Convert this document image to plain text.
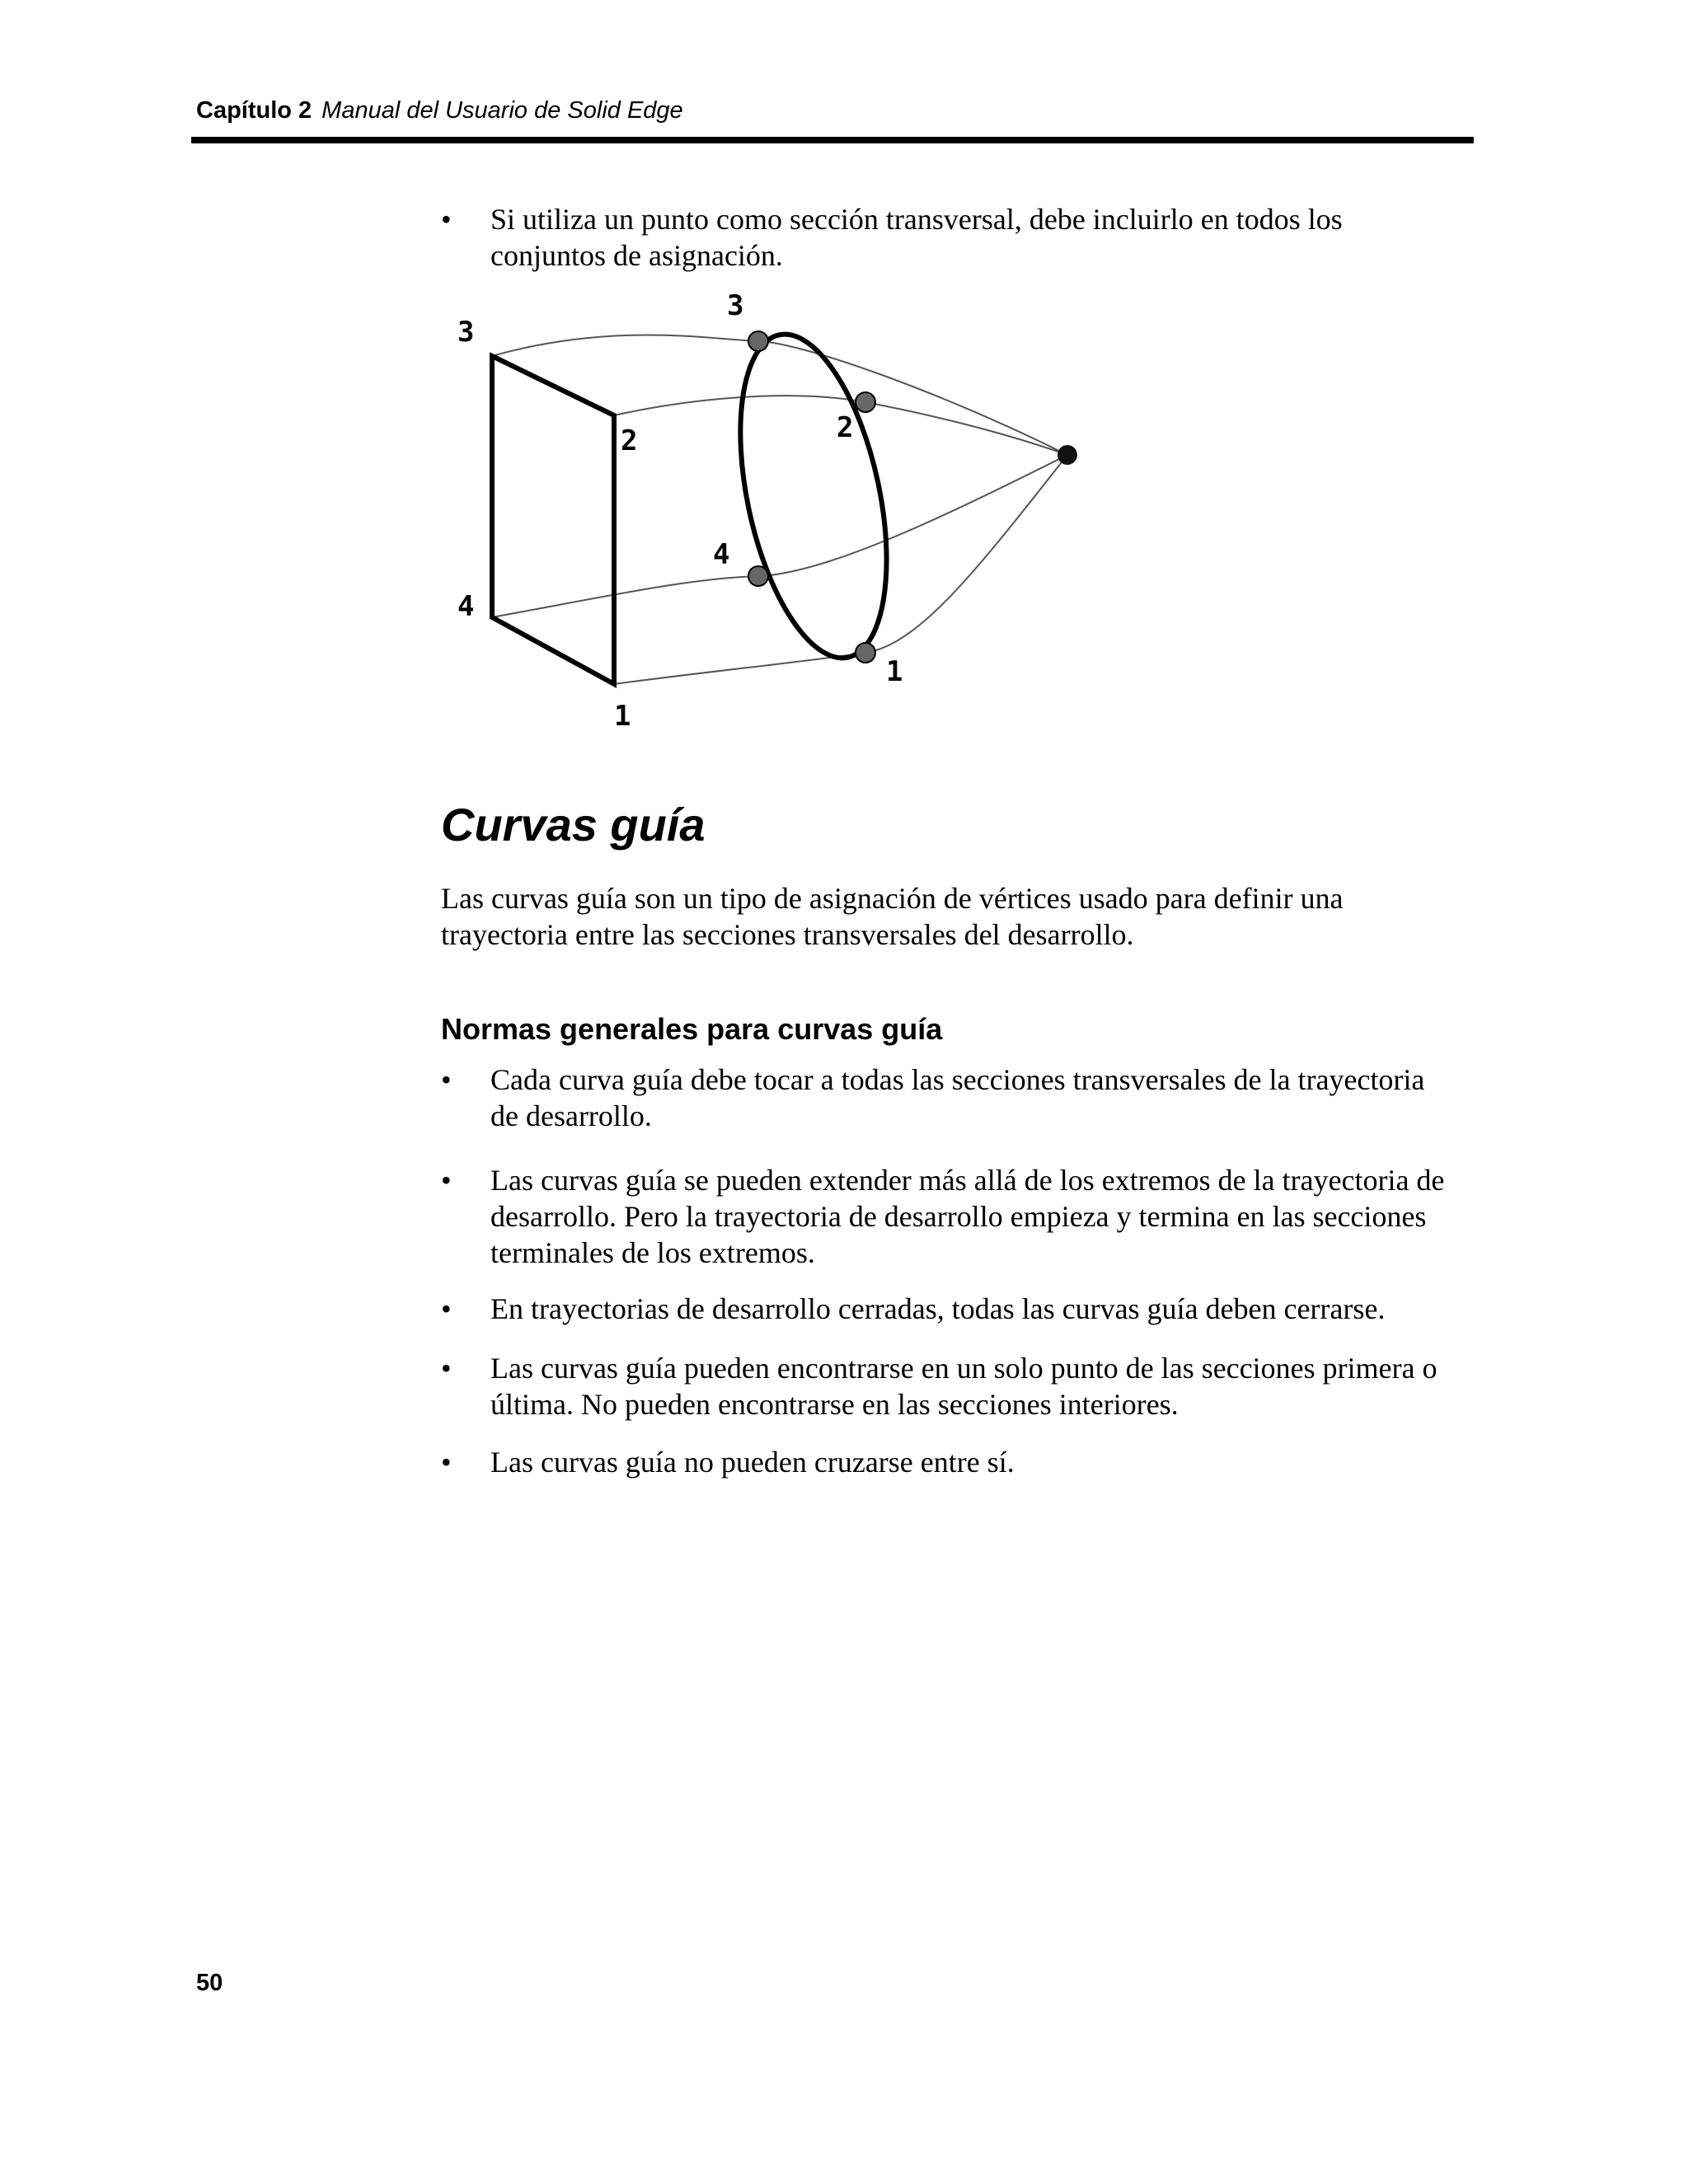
Capítulo 2 Manual del Usuario de Solid Edge
•	Si utiliza un punto como sección transversal, debe incluirlo en todos los
conjuntos de asignación.
3
2
4
1
3
2
4
1
Curvas guía
Las curvas guía son un tipo de asignación de vértices usado para definir una
trayectoria entre las secciones transversales del desarrollo.
Normas generales para curvas guía
•	Cada curva guía debe tocar a todas las secciones transversales de la trayectoria
de desarrollo.
•	Las curvas guía se pueden extender más allá de los extremos de la trayectoria de
desarrollo. Pero la trayectoria de desarrollo empieza y termina en las secciones
terminales de los extremos.
•	En trayectorias de desarrollo cerradas, todas las curvas guía deben cerrarse.
•	Las curvas guía pueden encontrarse en un solo punto de las secciones primera o
última. No pueden encontrarse en las secciones interiores.
•	Las curvas guía no pueden cruzarse entre sí.
50
